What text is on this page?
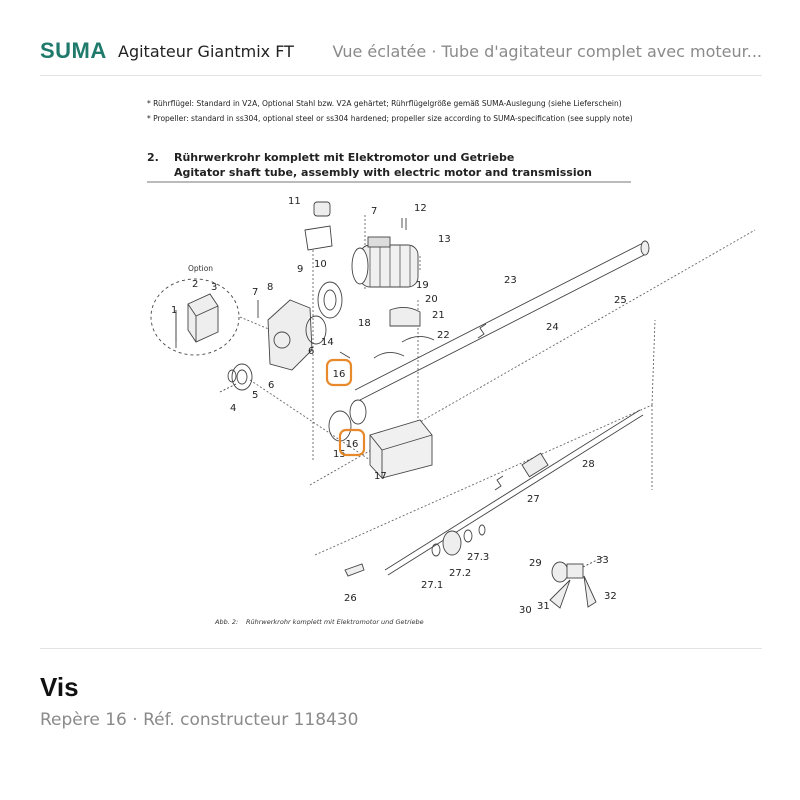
SUMA Agitateur Giantmix FT Vue éclatée · Tube d'agitateur complet avec moteur...
* Rührflügel: Standard in V2A, Optional Stahl bzw. V2A gehärtet; Rührflügelgröße gemäß SUMA-Auslegung (siehe Lieferschein)
* Propeller: standard in ss304, optional steel or ss304 hardened; propeller size according to SUMA-specification (see supply note)
2. Rührwerkrohr komplett mit Elektromotor und Getriebe
Agitator shaft tube, assembly with electric motor and transmission
Option
1
2 3
4
5
6
6
7
7 8
9 10
11
12
13
14
15
17
18
19
20
21
22
23
24
25
26
27
27.1
27.2
27.3
28
29
30 31
32
33
16
16
Abb. 2: Rührwerkrohr komplett mit Elektromotor und Getriebe
Vis
Repère 16 · Réf. constructeur 118430
